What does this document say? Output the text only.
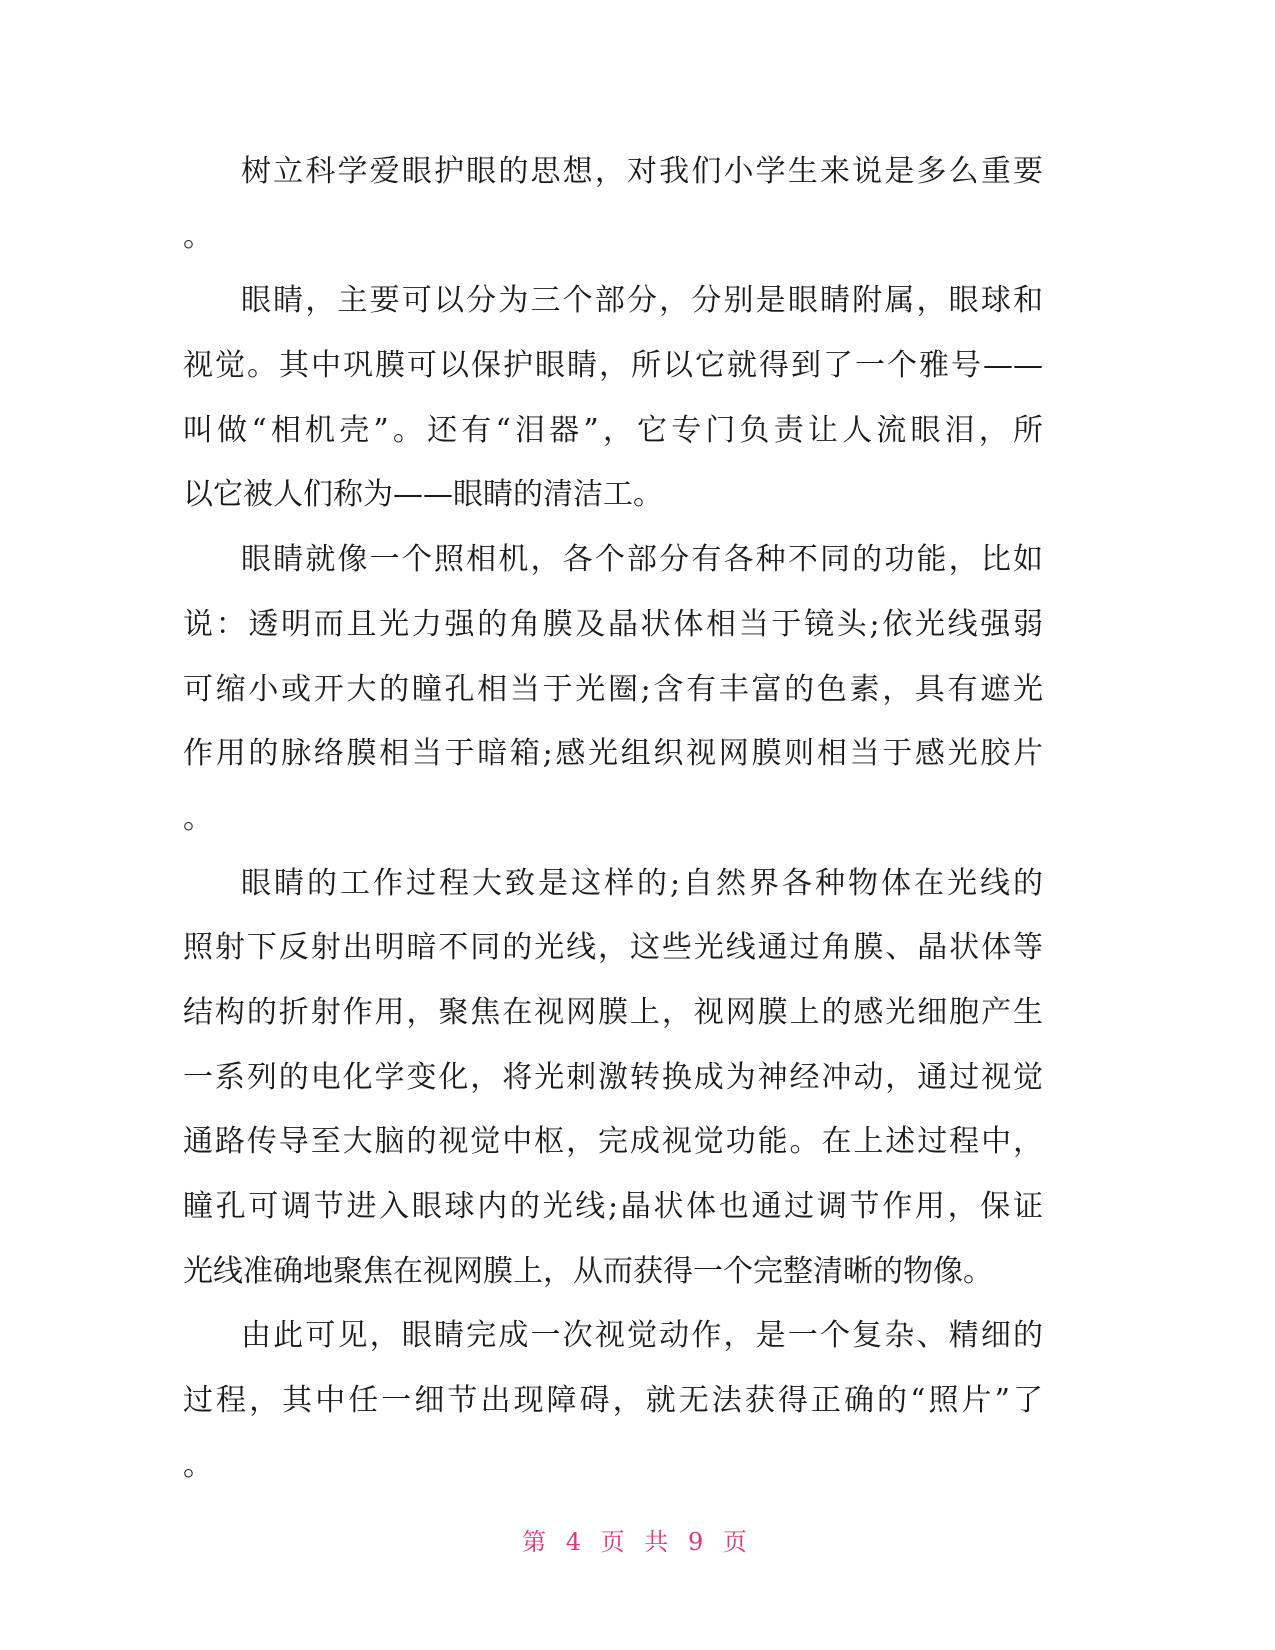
树立科学爱眼护眼的思想，对我们小学生来说是多么重要
。
眼睛，主要可以分为三个部分，分别是眼睛附属，眼球和
视觉。其中巩膜可以保护眼睛，所以它就得到了一个雅号——
叫做“相机壳”。还有“泪器”，它专门负责让人流眼泪，所
以它被人们称为——眼睛的清洁工。
眼睛就像一个照相机，各个部分有各种不同的功能，比如
说：透明而且光力强的角膜及晶状体相当于镜头;依光线强弱
可缩小或开大的瞳孔相当于光圈;含有丰富的色素，具有遮光
作用的脉络膜相当于暗箱;感光组织视网膜则相当于感光胶片
。
眼睛的工作过程大致是这样的;自然界各种物体在光线的
照射下反射出明暗不同的光线，这些光线通过角膜、晶状体等
结构的折射作用，聚焦在视网膜上，视网膜上的感光细胞产生
一系列的电化学变化，将光刺激转换成为神经冲动，通过视觉
通路传导至大脑的视觉中枢，完成视觉功能。在上述过程中，
瞳孔可调节进入眼球内的光线;晶状体也通过调节作用，保证
光线准确地聚焦在视网膜上，从而获得一个完整清晰的物像。
由此可见，眼睛完成一次视觉动作，是一个复杂、精细的
过程，其中任一细节出现障碍，就无法获得正确的“照片”了
。
第 4 页 共 9 页
